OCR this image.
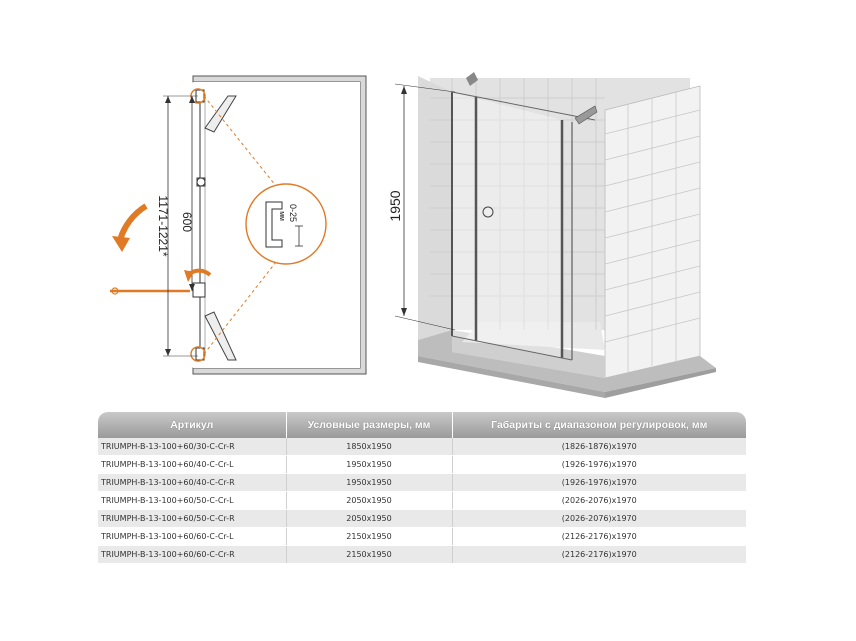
1171-1221* 600	0-25
мм	1950
Артикул	Условные размеры, мм	Габариты с диапазоном регулировок, мм
TRIUMPH-B-13-100+60/30-C-Cr-R	1850x1950	(1826-1876)x1970
TRIUMPH-B-13-100+60/40-C-Cr-L	1950x1950	(1926-1976)x1970
TRIUMPH-B-13-100+60/40-C-Cr-R	1950x1950	(1926-1976)x1970
TRIUMPH-B-13-100+60/50-C-Cr-L	2050x1950	(2026-2076)x1970
TRIUMPH-B-13-100+60/50-C-Cr-R	2050x1950	(2026-2076)x1970
TRIUMPH-B-13-100+60/60-C-Cr-L	2150x1950	(2126-2176)x1970
TRIUMPH-B-13-100+60/60-C-Cr-R	2150x1950	(2126-2176)x1970
